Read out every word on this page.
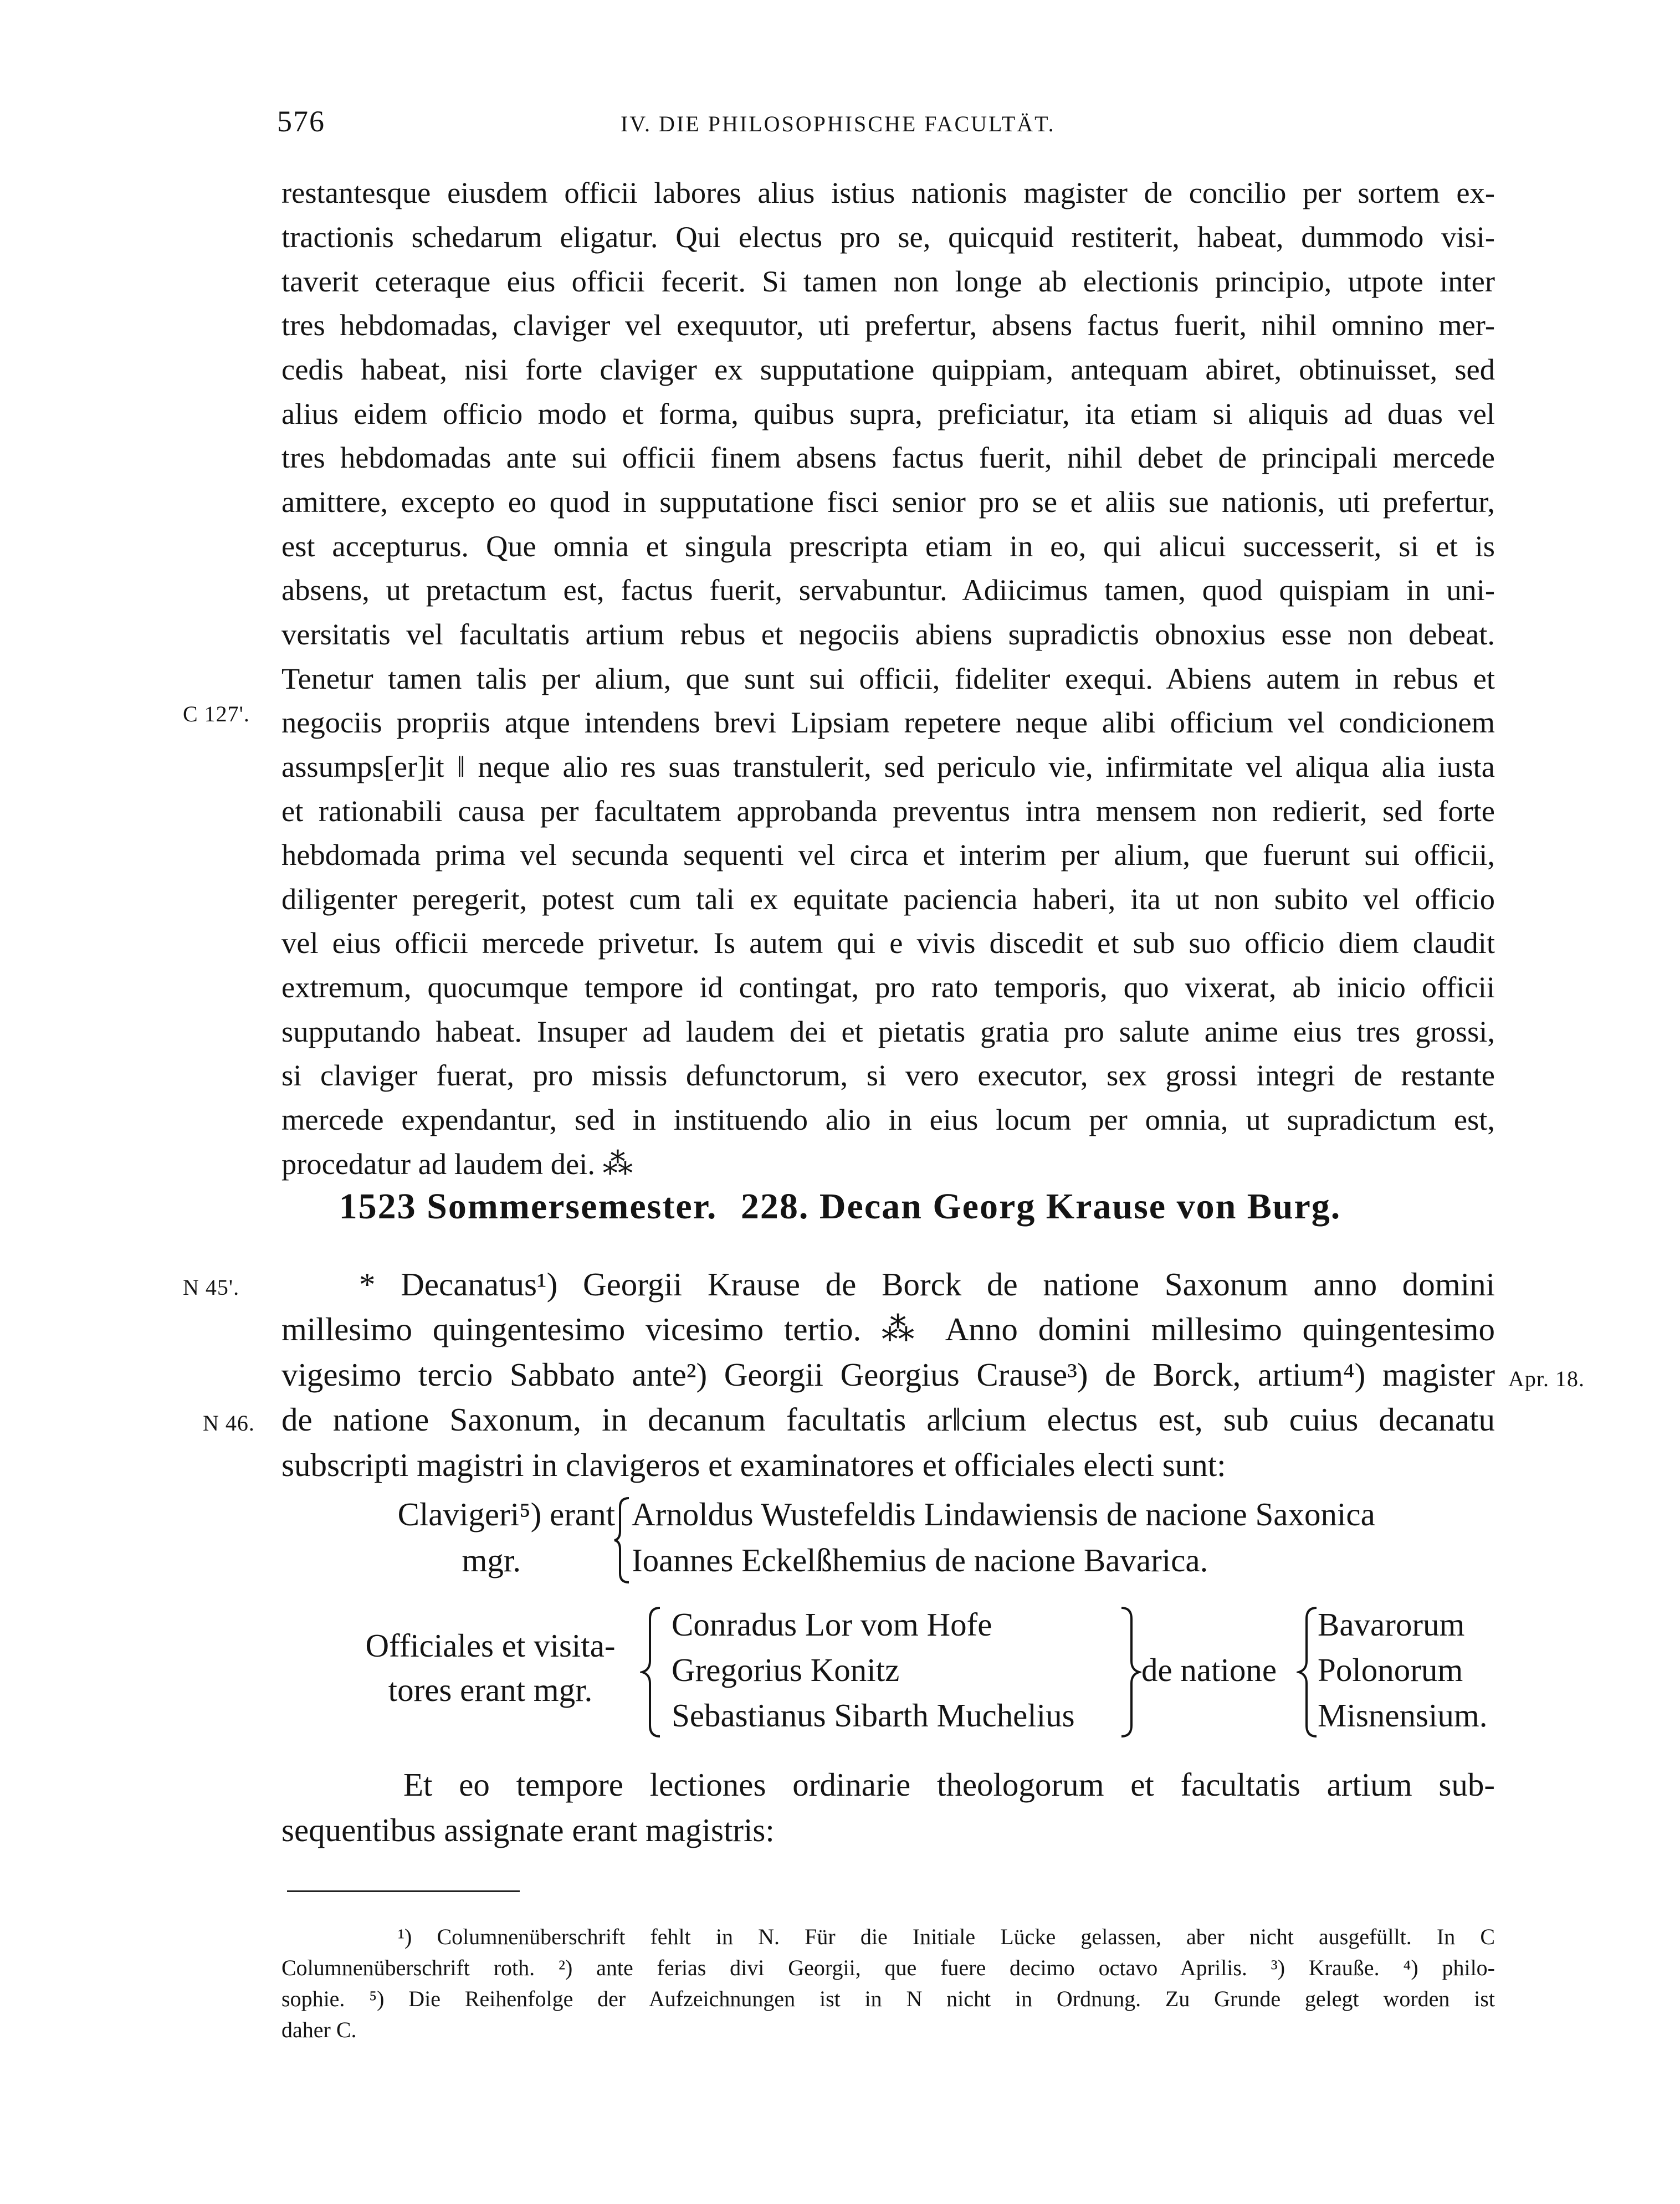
576	IV. DIE PHILOSOPHISCHE FACULTÄT.
restantesque eiusdem officii labores alius istius nationis magister de concilio per sortem ex-
tractionis schedarum eligatur. Qui electus pro se, quicquid restiterit, habeat, dummodo visi-
taverit ceteraque eius officii fecerit. Si tamen non longe ab electionis principio, utpote inter
tres hebdomadas, claviger vel exequutor, uti prefertur, absens factus fuerit, nihil omnino mer-
cedis habeat, nisi forte claviger ex supputatione quippiam, antequam abiret, obtinuisset, sed
alius eidem officio modo et forma, quibus supra, preficiatur, ita etiam si aliquis ad duas vel
tres hebdomadas ante sui officii finem absens factus fuerit, nihil debet de principali mercede
amittere, excepto eo quod in supputatione fisci senior pro se et aliis sue nationis, uti prefertur,
est accepturus. Que omnia et singula prescripta etiam in eo, qui alicui successerit, si et is
absens, ut pretactum est, factus fuerit, servabuntur. Adiicimus tamen, quod quispiam in uni-
versitatis vel facultatis artium rebus et negociis abiens supradictis obnoxius esse non debeat.
Tenetur tamen talis per alium, que sunt sui officii, fideliter exequi. Abiens autem in rebus et
negociis propriis atque intendens brevi Lipsiam repetere neque alibi officium vel condicionem
assumps[er]it ‖ neque alio res suas transtulerit, sed periculo vie, infirmitate vel aliqua alia iusta
et rationabili causa per facultatem approbanda preventus intra mensem non redierit, sed forte
hebdomada prima vel secunda sequenti vel circa et interim per alium, que fuerunt sui officii,
diligenter peregerit, potest cum tali ex equitate paciencia haberi, ita ut non subito vel officio
vel eius officii mercede privetur. Is autem qui e vivis discedit et sub suo officio diem claudit
extremum, quocumque tempore id contingat, pro rato temporis, quo vixerat, ab inicio officii
supputando habeat. Insuper ad laudem dei et pietatis gratia pro salute anime eius tres grossi,
si claviger fuerat, pro missis defunctorum, si vero executor, sex grossi integri de restante
mercede expendantur, sed in instituendo alio in eius locum per omnia, ut supradictum est,
procedatur ad laudem dei. ⁂
C 127'.
1523 Sommersemester. 228. Decan Georg Krause von Burg.
N 45'.
N 46.
Apr. 18.
* Decanatus¹) Georgii Krause de Borck de natione Saxonum anno domini
millesimo quingentesimo vicesimo tertio. ⁂ Anno domini millesimo quingentesimo
vigesimo tercio Sabbato ante²) Georgii Georgius Crause³) de Borck, artium⁴) magister
de natione Saxonum, in decanum facultatis ar‖cium electus est, sub cuius decanatu
subscripti magistri in clavigeros et examinatores et officiales electi sunt:
Clavigeri⁵) erant
mgr.
Arnoldus Wustefeldis Lindawiensis de nacione Saxonica
Ioannes Eckelßhemius de nacione Bavarica.
Officiales et visita-
tores erant mgr.
Conradus Lor vom Hofe
Gregorius Konitz
Sebastianus Sibarth Muchelius
de natione
Bavarorum
Polonorum
Misnensium.
Et eo tempore lectiones ordinarie theologorum et facultatis artium sub-
sequentibus assignate erant magistris:
¹) Columnenüberschrift fehlt in N. Für die Initiale Lücke gelassen, aber nicht ausgefüllt. In C
Columnenüberschrift roth. ²) ante ferias divi Georgii, que fuere decimo octavo Aprilis. ³) Krauße. ⁴) philo-
sophie. ⁵) Die Reihenfolge der Aufzeichnungen ist in N nicht in Ordnung. Zu Grunde gelegt worden ist
daher C.
